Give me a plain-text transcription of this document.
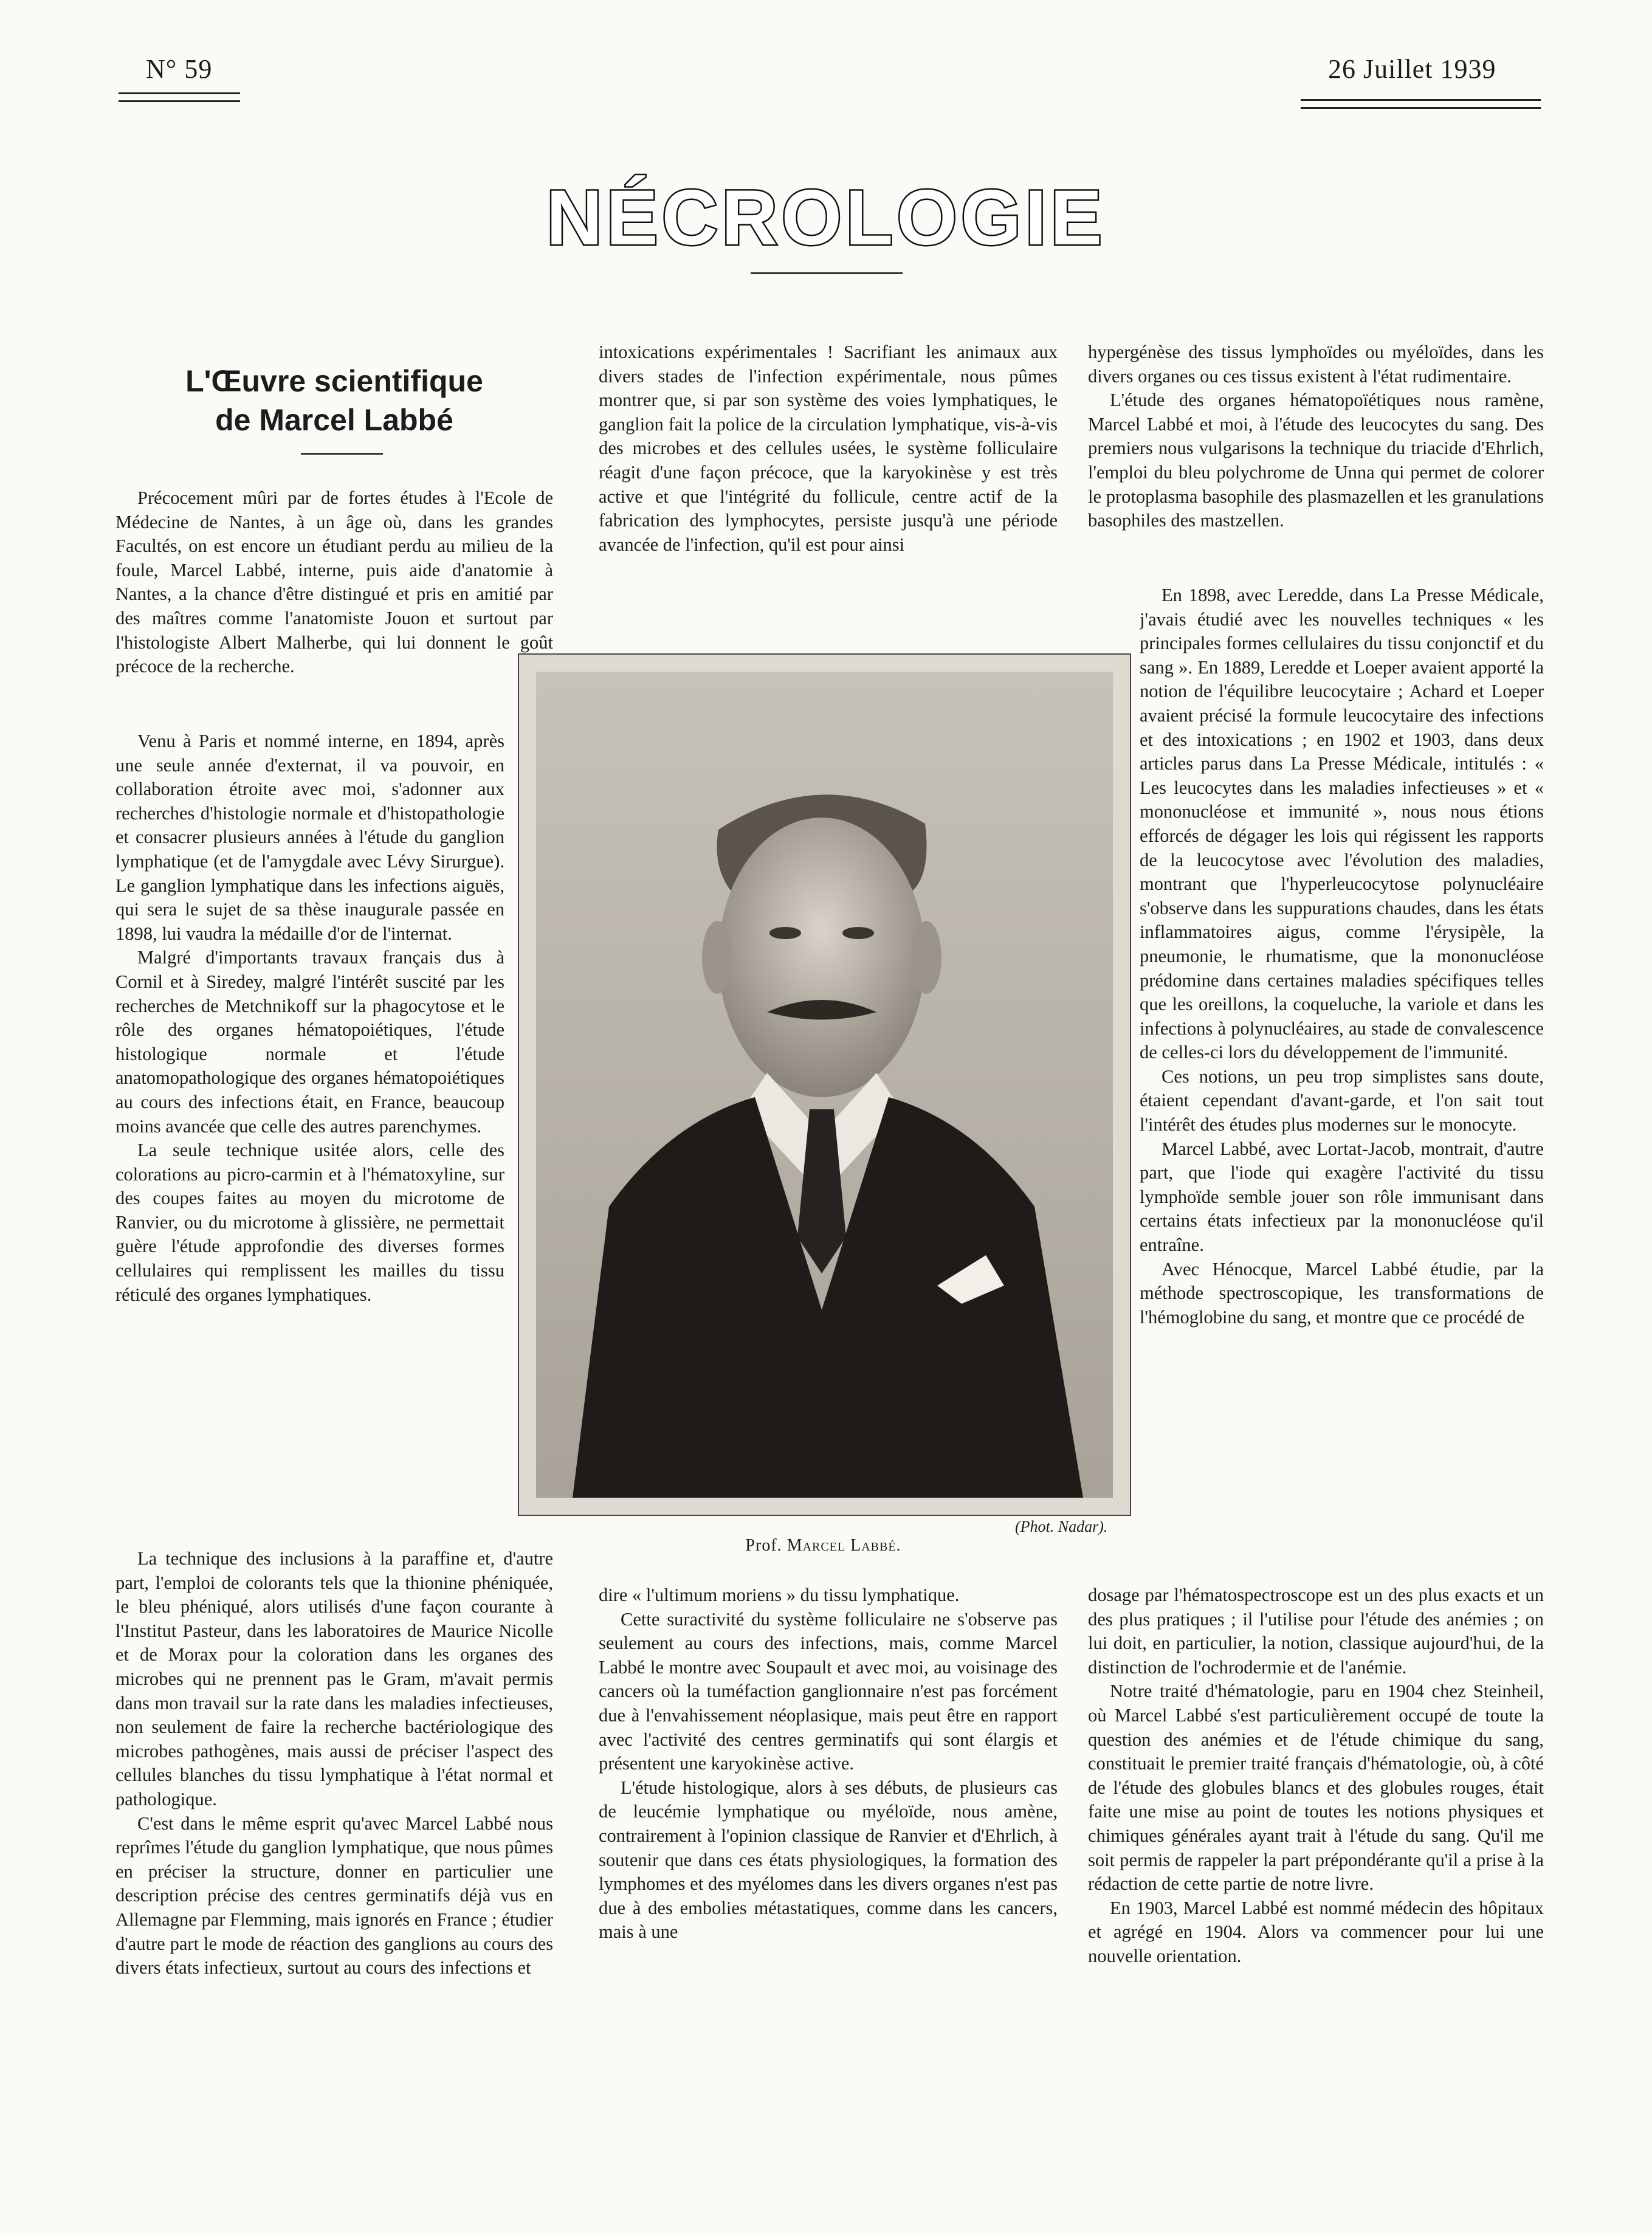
N° 59	26 Juillet 1939
NÉCROLOGIE
L'Œuvre scientifique
de Marcel Labbé

Précocement mûri par de fortes études à l'Ecole de Médecine de Nantes, à un âge où, dans les grandes Facultés, on est encore un étudiant perdu au milieu de la foule, Marcel Labbé, interne, puis aide d'anatomie à Nantes, a la chance d'être distingué et pris en amitié par des maîtres comme l'anatomiste Jouon et surtout par l'histologiste Albert Malherbe, qui lui donnent le goût précoce de la recherche.

Venu à Paris et nommé interne, en 1894, après une seule année d'externat, il va pouvoir, en collaboration étroite avec moi, s'adonner aux recherches d'histologie normale et d'histopathologie et consacrer plusieurs années à l'étude du ganglion lymphatique (et de l'amygdale avec Lévy Sirurgue). Le ganglion lymphatique dans les infections aiguës, qui sera le sujet de sa thèse inaugurale passée en 1898, lui vaudra la médaille d'or de l'internat.

Malgré d'importants travaux français dus à Cornil et à Siredey, malgré l'intérêt suscité par les recherches de Metchnikoff sur la phagocytose et le rôle des organes hématopoiétiques, l'étude histologique normale et l'étude anatomopathologique des organes hématopoiétiques au cours des infections était, en France, beaucoup moins avancée que celle des autres parenchymes.

La seule technique usitée alors, celle des colorations au picro-carmin et à l'hématoxyline, sur des coupes faites au moyen du microtome de Ranvier, ou du microtome à glissière, ne permettait guère l'étude approfondie des diverses formes cellulaires qui remplissent les mailles du tissu réticulé des organes lymphatiques.

La technique des inclusions à la paraffine et, d'autre part, l'emploi de colorants tels que la thionine phéniquée, le bleu phéniqué, alors utilisés d'une façon courante à l'Institut Pasteur, dans les laboratoires de Maurice Nicolle et de Morax pour la coloration dans les organes des microbes qui ne prennent pas le Gram, m'avait permis dans mon travail sur la rate dans les maladies infectieuses, non seulement de faire la recherche bactériologique des microbes pathogènes, mais aussi de préciser l'aspect des cellules blanches du tissu lymphatique à l'état normal et pathologique.

C'est dans le même esprit qu'avec Marcel Labbé nous reprîmes l'étude du ganglion lymphatique, que nous pûmes en préciser la structure, donner en particulier une description précise des centres germinatifs déjà vus en Allemagne par Flemming, mais ignorés en France ; étudier d'autre part le mode de réaction des ganglions au cours des divers états infectieux, surtout au cours des infections et

intoxications expérimentales ! Sacrifiant les animaux aux divers stades de l'infection expérimentale, nous pûmes montrer que, si par son système des voies lymphatiques, le ganglion fait la police de la circulation lymphatique, vis-à-vis des microbes et des cellules usées, le système folliculaire réagit d'une façon précoce, que la karyokinèse y est très active et que l'intégrité du follicule, centre actif de la fabrication des lymphocytes, persiste jusqu'à une période avancée de l'infection, qu'il est pour ainsi

(Phot. Nadar).
Prof. Marcel Labbé.

dire « l'ultimum moriens » du tissu lymphatique.

Cette suractivité du système folliculaire ne s'observe pas seulement au cours des infections, mais, comme Marcel Labbé le montre avec Soupault et avec moi, au voisinage des cancers où la tuméfaction ganglionnaire n'est pas forcément due à l'envahissement néoplasique, mais peut être en rapport avec l'activité des centres germinatifs qui sont élargis et présentent une karyokinèse active.

L'étude histologique, alors à ses débuts, de plusieurs cas de leucémie lymphatique ou myéloïde, nous amène, contrairement à l'opinion classique de Ranvier et d'Ehrlich, à soutenir que dans ces états physiologiques, la formation des lymphomes et des myélomes dans les divers organes n'est pas due à des embolies métastatiques, comme dans les cancers, mais à une

hypergénèse des tissus lymphoïdes ou myéloïdes, dans les divers organes ou ces tissus existent à l'état rudimentaire.

L'étude des organes hématopoïétiques nous ramène, Marcel Labbé et moi, à l'étude des leucocytes du sang. Des premiers nous vulgarisons la technique du triacide d'Ehrlich, l'emploi du bleu polychrome de Unna qui permet de colorer le protoplasma basophile des plasmazellen et les granulations basophiles des mastzellen.

En 1898, avec Leredde, dans La Presse Médicale, j'avais étudié avec les nouvelles techniques « les principales formes cellulaires du tissu conjonctif et du sang ». En 1889, Leredde et Loeper avaient apporté la notion de l'équilibre leucocytaire ; Achard et Loeper avaient précisé la formule leucocytaire des infections et des intoxications ; en 1902 et 1903, dans deux articles parus dans La Presse Médicale, intitulés : « Les leucocytes dans les maladies infectieuses » et « mononucléose et immunité », nous nous étions efforcés de dégager les lois qui régissent les rapports de la leucocytose avec l'évolution des maladies, montrant que l'hyperleucocytose polynucléaire s'observe dans les suppurations chaudes, dans les états inflammatoires aigus, comme l'érysipèle, la pneumonie, le rhumatisme, que la mononucléose prédomine dans certaines maladies spécifiques telles que les oreillons, la coqueluche, la variole et dans les infections à polynucléaires, au stade de convalescence de celles-ci lors du développement de l'immunité.

Ces notions, un peu trop simplistes sans doute, étaient cependant d'avant-garde, et l'on sait tout l'intérêt des études plus modernes sur le monocyte.

Marcel Labbé, avec Lortat-Jacob, montrait, d'autre part, que l'iode qui exagère l'activité du tissu lymphoïde semble jouer son rôle immunisant dans certains états infectieux par la mononucléose qu'il entraîne.

Avec Hénocque, Marcel Labbé étudie, par la méthode spectroscopique, les transformations de l'hémoglobine du sang, et montre que ce procédé de

dosage par l'hématospectroscope est un des plus exacts et un des plus pratiques ; il l'utilise pour l'étude des anémies ; on lui doit, en particulier, la notion, classique aujourd'hui, de la distinction de l'ochrodermie et de l'anémie.

Notre traité d'hématologie, paru en 1904 chez Steinheil, où Marcel Labbé s'est particulièrement occupé de toute la question des anémies et de l'étude chimique du sang, constituait le premier traité français d'hématologie, où, à côté de l'étude des globules blancs et des globules rouges, était faite une mise au point de toutes les notions physiques et chimiques générales ayant trait à l'étude du sang. Qu'il me soit permis de rappeler la part prépondérante qu'il a prise à la rédaction de cette partie de notre livre.

En 1903, Marcel Labbé est nommé médecin des hôpitaux et agrégé en 1904. Alors va commencer pour lui une nouvelle orientation.
